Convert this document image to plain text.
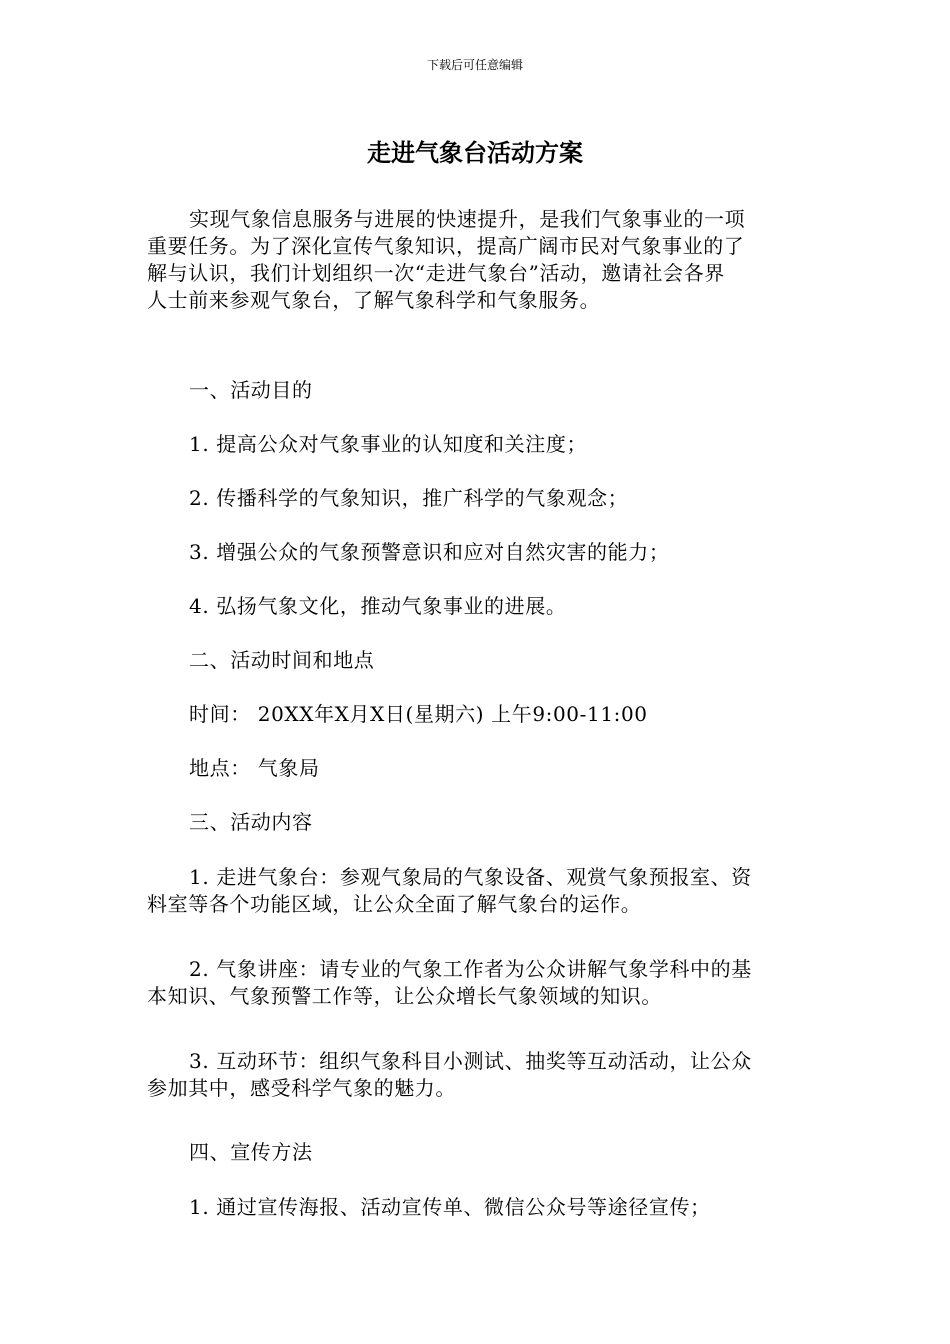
下载后可任意编辑
走进气象台活动方案
实现气象信息服务与进展的快速提升，是我们气象事业的一项
重要任务。为了深化宣传气象知识，提高广阔市民对气象事业的了
解与认识，我们计划组织一次“走进气象台”活动，邀请社会各界
人士前来参观气象台，了解气象科学和气象服务。

一、活动目的

1. 提高公众对气象事业的认知度和关注度；

2. 传播科学的气象知识，推广科学的气象观念；

3. 增强公众的气象预警意识和应对自然灾害的能力；

4. 弘扬气象文化，推动气象事业的进展。

二、活动时间和地点

时间： 20XX年X月X日(星期六) 上午9:00-11:00

地点： 气象局

三、活动内容

1. 走进气象台：参观气象局的气象设备、观赏气象预报室、资
料室等各个功能区域，让公众全面了解气象台的运作。
2. 气象讲座：请专业的气象工作者为公众讲解气象学科中的基
本知识、气象预警工作等，让公众增长气象领域的知识。
3. 互动环节：组织气象科目小测试、抽奖等互动活动，让公众
参加其中，感受科学气象的魅力。

四、宣传方法

1. 通过宣传海报、活动宣传单、微信公众号等途径宣传；
